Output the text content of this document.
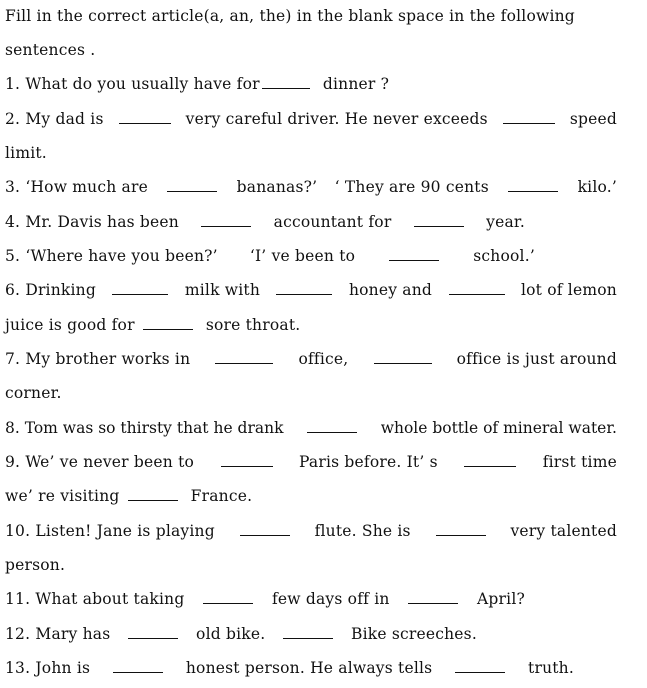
Fill in the correct article(a, an, the) in the blank space in the following
sentences .
1. What do you usually have for	dinner ?
2. My dad is	very careful driver. He never exceeds	speed
limit.
3. ‘How much are	bananas?’ ‘ They are 90 cents	kilo.’
4. Mr. Davis has been	accountant for	year.
5. ‘Where have you been?’ ‘I’ ve been to	school.’
6. Drinking	milk with	honey and	lot of lemon
juice is good for	sore throat.
7. My brother works in	office,	office is just around
corner.
8. Tom was so thirsty that he drank	whole bottle of mineral water.
9. We’ ve never been to	Paris before. It’ s	first time
we’ re visiting	France.
10. Listen! Jane is playing	flute. She is	very talented
person.
11. What about taking	few days off in	April?
12. Mary has	old bike.	Bike screeches.
13. John is	honest person. He always tells	truth.
